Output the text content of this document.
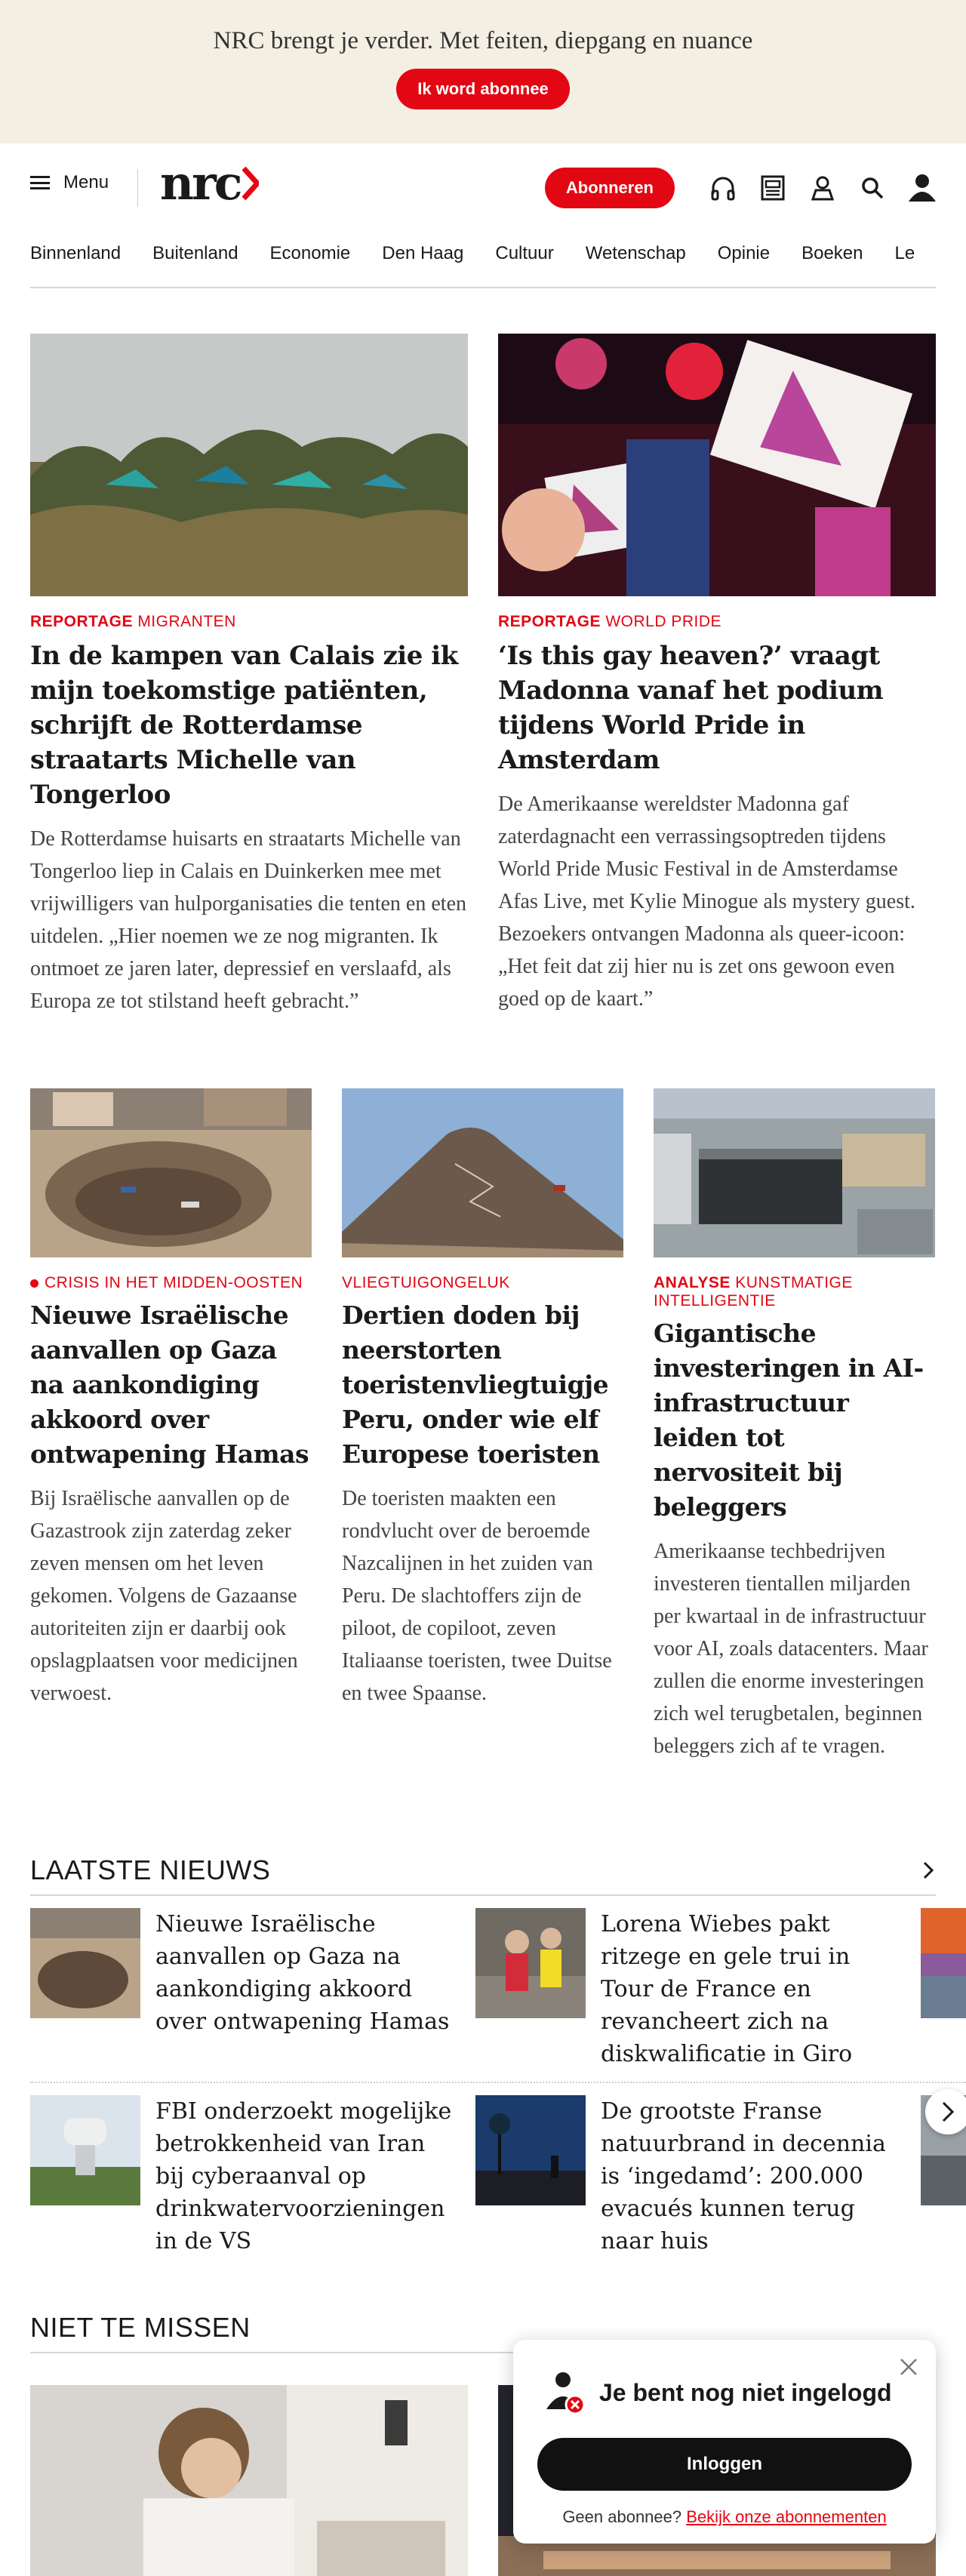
NRC brengt je verder. Met feiten, diepgang en nuance
Ik word abonnee
Menu nrc	Abonneren
Binnenland Buitenland Economie Den Haag Cultuur Wetenschap Opinie Boeken Le
REPORTAGE MIGRANTEN
In de kampen van Calais zie ik mijn toekomstige patiënten, schrijft de Rotterdamse straatarts Michelle van Tongerloo

De Rotterdamse huisarts en straatarts Michelle van Tongerloo liep in Calais en Duinkerken mee met vrijwilligers van hulporganisaties die tenten en eten uitdelen. „Hier noemen we ze nog migranten. Ik ontmoet ze jaren later, depressief en verslaafd, als Europa ze tot stilstand heeft gebracht.”

REPORTAGE WORLD PRIDE
‘Is this gay heaven?’ vraagt Madonna vanaf het podium tijdens World Pride in Amsterdam

De Amerikaanse wereldster Madonna gaf zaterdagnacht een verrassingsoptreden tijdens World Pride Music Festival in de Amsterdamse Afas Live, met Kylie Minogue als mystery guest. Bezoekers ontvangen Madonna als queer-icoon: „Het feit dat zij hier nu is zet ons gewoon even goed op de kaart.”

CRISIS IN HET MIDDEN-OOSTEN
Nieuwe Israëlische aanvallen op Gaza na aankondiging akkoord over ontwapening Hamas

Bij Israëlische aanvallen op de Gazastrook zijn zaterdag zeker zeven mensen om het leven gekomen. Volgens de Gazaanse autoriteiten zijn er daarbij ook opslagplaatsen voor medicijnen verwoest.

VLIEGTUIGONGELUK
Dertien doden bij neerstorten toeristenvliegtuigje Peru, onder wie elf Europese toeristen

De toeristen maakten een rondvlucht over de beroemde Nazcalijnen in het zuiden van Peru. De slachtoffers zijn de piloot, de copiloot, zeven Italiaanse toeristen, twee Duitse en twee Spaanse.

ANALYSE KUNSTMATIGE INTELLIGENTIE
Gigantische investeringen in AI-infrastructuur leiden tot nervositeit bij beleggers

Amerikaanse techbedrijven investeren tientallen miljarden per kwartaal in de infrastructuur voor AI, zoals datacenters. Maar zullen die enorme investeringen zich wel terugbetalen, beginnen beleggers zich af te vragen.

LAATSTE NIEUWS
Nieuwe Israëlische aanvallen op Gaza na aankondiging akkoord over ontwapening Hamas
Lorena Wiebes pakt ritzege en gele trui in Tour de France en revancheert zich na diskwalificatie in Giro
FBI onderzoekt mogelijke betrokkenheid van Iran bij cyberaanval op drinkwatervoorzieningen in de VS
De grootste Franse natuurbrand in decennia is ‘ingedamd’: 200.000 evacués kunnen terug naar huis
NIET TE MISSEN
Je bent nog niet ingelogd
Inloggen
Geen abonnee? Bekijk onze abonnementen
